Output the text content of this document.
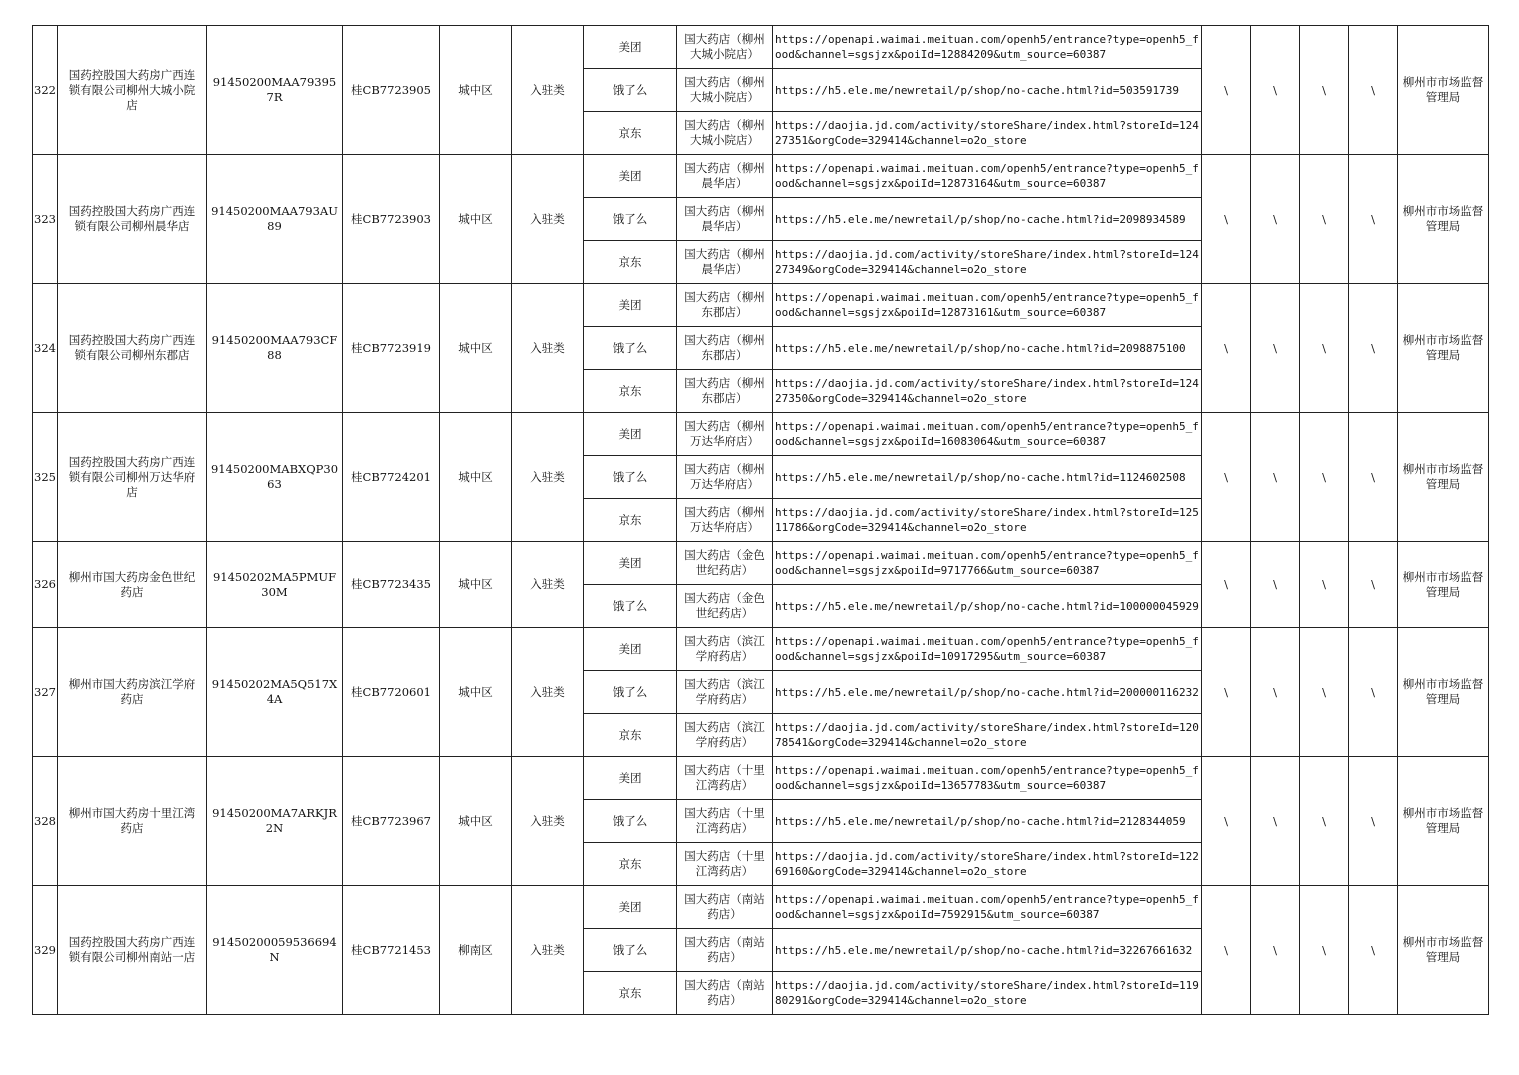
322	国药控股国大药房广西连锁有限公司柳州大城小院店	91450200MAA793957R	桂CB7723905	城中区	入驻类	美团	国大药店（柳州大城小院店）	https://openapi.waimai.meituan.com/openh5/entrance?type=openh5_food&channel=sgsjzx&poiId=12884209&utm_source=60387	\	\	\	\	柳州市市场监督管理局
						饿了么	国大药店（柳州大城小院店）	https://h5.ele.me/newretail/p/shop/no-cache.html?id=503591739					
						京东	国大药店（柳州大城小院店）	https://daojia.jd.com/activity/storeShare/index.html?storeId=12427351&orgCode=329414&channel=o2o_store					
323	国药控股国大药房广西连锁有限公司柳州晨华店	91450200MAA793AU89	桂CB7723903	城中区	入驻类	美团	国大药店（柳州晨华店）	https://openapi.waimai.meituan.com/openh5/entrance?type=openh5_food&channel=sgsjzx&poiId=12873164&utm_source=60387	\	\	\	\	柳州市市场监督管理局
						饿了么	国大药店（柳州晨华店）	https://h5.ele.me/newretail/p/shop/no-cache.html?id=2098934589					
						京东	国大药店（柳州晨华店）	https://daojia.jd.com/activity/storeShare/index.html?storeId=12427349&orgCode=329414&channel=o2o_store					
324	国药控股国大药房广西连锁有限公司柳州东郡店	91450200MAA793CF88	桂CB7723919	城中区	入驻类	美团	国大药店（柳州东郡店）	https://openapi.waimai.meituan.com/openh5/entrance?type=openh5_food&channel=sgsjzx&poiId=12873161&utm_source=60387	\	\	\	\	柳州市市场监督管理局
						饿了么	国大药店（柳州东郡店）	https://h5.ele.me/newretail/p/shop/no-cache.html?id=2098875100					
						京东	国大药店（柳州东郡店）	https://daojia.jd.com/activity/storeShare/index.html?storeId=12427350&orgCode=329414&channel=o2o_store					
325	国药控股国大药房广西连锁有限公司柳州万达华府店	91450200MABXQP3063	桂CB7724201	城中区	入驻类	美团	国大药店（柳州万达华府店）	https://openapi.waimai.meituan.com/openh5/entrance?type=openh5_food&channel=sgsjzx&poiId=16083064&utm_source=60387	\	\	\	\	柳州市市场监督管理局
						饿了么	国大药店（柳州万达华府店）	https://h5.ele.me/newretail/p/shop/no-cache.html?id=1124602508					
						京东	国大药店（柳州万达华府店）	https://daojia.jd.com/activity/storeShare/index.html?storeId=12511786&orgCode=329414&channel=o2o_store					
326	柳州市国大药房金色世纪药店	91450202MA5PMUF30M	桂CB7723435	城中区	入驻类	美团	国大药店（金色世纪药店）	https://openapi.waimai.meituan.com/openh5/entrance?type=openh5_food&channel=sgsjzx&poiId=9717766&utm_source=60387	\	\	\	\	柳州市市场监督管理局
						饿了么	国大药店（金色世纪药店）	https://h5.ele.me/newretail/p/shop/no-cache.html?id=100000045929					
327	柳州市国大药房滨江学府药店	91450202MA5Q517X4A	桂CB7720601	城中区	入驻类	美团	国大药店（滨江学府药店）	https://openapi.waimai.meituan.com/openh5/entrance?type=openh5_food&channel=sgsjzx&poiId=10917295&utm_source=60387	\	\	\	\	柳州市市场监督管理局
						饿了么	国大药店（滨江学府药店）	https://h5.ele.me/newretail/p/shop/no-cache.html?id=200000116232					
						京东	国大药店（滨江学府药店）	https://daojia.jd.com/activity/storeShare/index.html?storeId=12078541&orgCode=329414&channel=o2o_store					
328	柳州市国大药房十里江湾药店	91450200MA7ARKJR2N	桂CB7723967	城中区	入驻类	美团	国大药店（十里江湾药店）	https://openapi.waimai.meituan.com/openh5/entrance?type=openh5_food&channel=sgsjzx&poiId=13657783&utm_source=60387	\	\	\	\	柳州市市场监督管理局
						饿了么	国大药店（十里江湾药店）	https://h5.ele.me/newretail/p/shop/no-cache.html?id=2128344059					
						京东	国大药店（十里江湾药店）	https://daojia.jd.com/activity/storeShare/index.html?storeId=12269160&orgCode=329414&channel=o2o_store					
329	国药控股国大药房广西连锁有限公司柳州南站一店	91450200059536694N	桂CB7721453	柳南区	入驻类	美团	国大药店（南站药店）	https://openapi.waimai.meituan.com/openh5/entrance?type=openh5_food&channel=sgsjzx&poiId=7592915&utm_source=60387	\	\	\	\	柳州市市场监督管理局
						饿了么	国大药店（南站药店）	https://h5.ele.me/newretail/p/shop/no-cache.html?id=32267661632					
						京东	国大药店（南站药店）	https://daojia.jd.com/activity/storeShare/index.html?storeId=11980291&orgCode=329414&channel=o2o_store					
